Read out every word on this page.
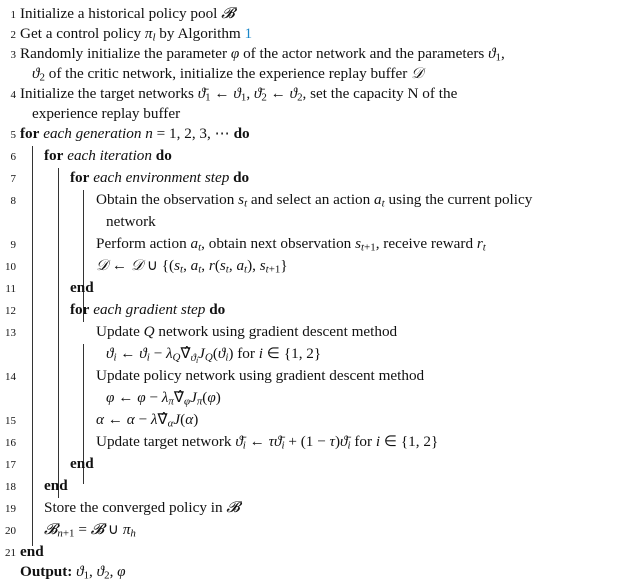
1 Initialize a historical policy pool 𝓑
2 Get a control policy $\pi_l$ by Algorithm 1
3 Randomly initialize the parameter φ of the actor network and the parameters $ϑ_1$,
$ϑ_2$ of the critic network, initialize the experience replay buffer 𝒟
4 Initialize the target networks $ϑ̄_1$ ← $ϑ_1$, $ϑ̄_2$ ← $ϑ_2$, set the capacity N of the
experience replay buffer
5 for each generation n = 1, 2, 3, ⋯ do
6 for each iteration do
7	for each environment step do
8	Obtain the observation $s_t$ and select an action $a_t$ using the current policy
network
9	Perform action $a_t$, obtain next observation $s_{t+1}$, receive reward $r_t$
10	𝒟 ← 𝒟 ∪ {($s_t$, $a_t$, $r(s_t$, $a_t$), $s_{t+1}$}
11	end
12	for each gradient step do
13	Update Q network using gradient descent method
$ϑ_i$ ← $ϑ_i$ − $\lambda_Q\nablâ_{ϑ_i}J_Q(ϑ_i)$ for i ∈ {1, 2}
14	Update policy network using gradient descent method
φ ← $\varphi - \lambda_\pi\nablâ_\varphi J_\pi(\varphi)$
15	α ← $\alpha - \lambda\nablâ_\alpha J(\alpha)$
16	Update target network $ϑ̄_i$ ← $\tau ϑ̄_i + (1$ − $\tau)ϑ̄_i$ for i ∈ {1, 2}
17	end
18 end
19 Store the converged policy in 𝓑
20 𝓑$_{n+1}$ = 𝓑 ∪ $\pi_h$
21 end
Output: $ϑ_1$, $ϑ_2$, φ
